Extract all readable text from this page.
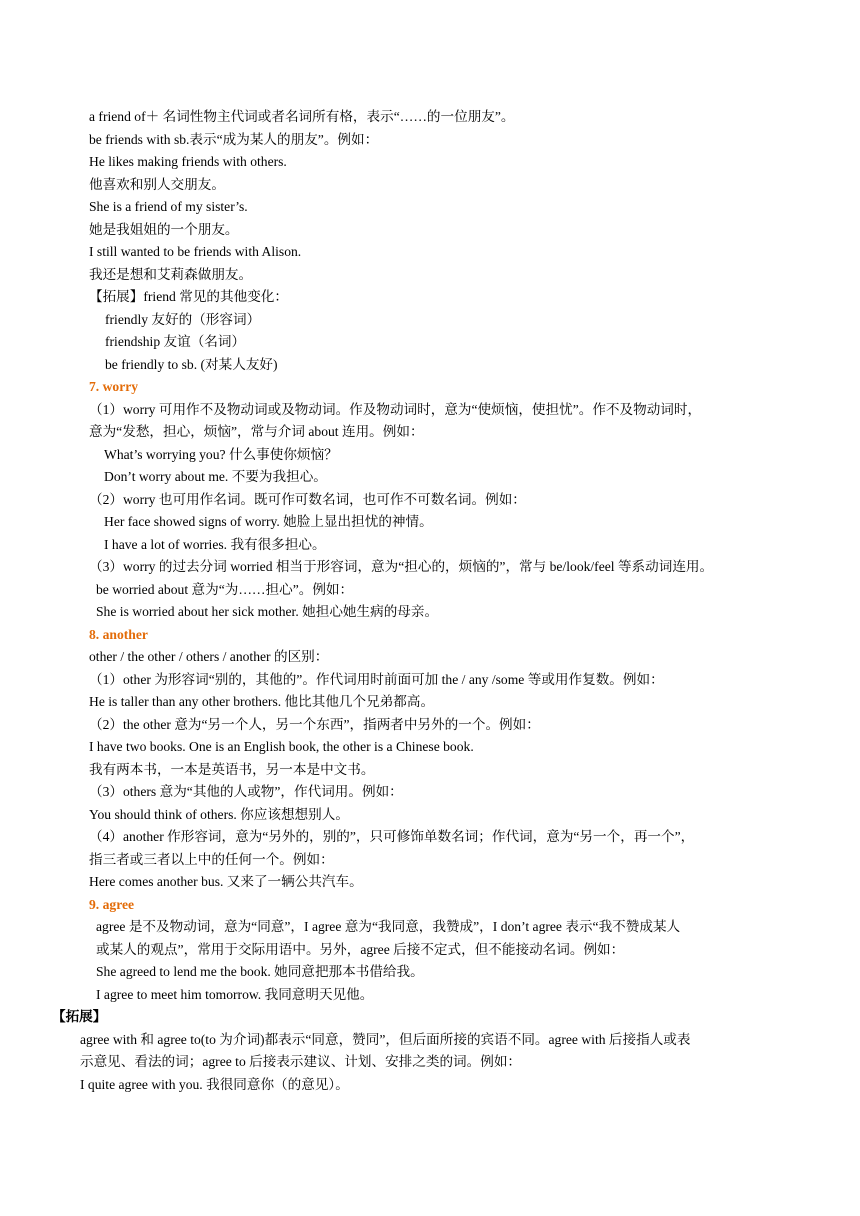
a friend of＋ 名词性物主代词或者名词所有格，表示“……的一位朋友”。
be friends with sb.表示“成为某人的朋友”。例如：
He likes making friends with others.
他喜欢和别人交朋友。
She is a friend of my sister’s.
她是我姐姐的一个朋友。
I still wanted to be friends with Alison.
我还是想和艾莉森做朋友。
【拓展】friend 常见的其他变化：
friendly 友好的（形容词）
friendship 友谊（名词）
be friendly to sb. (对某人友好)
7. worry
（1）worry 可用作不及物动词或及物动词。作及物动词时，意为“使烦恼，使担忧”。作不及物动词时，
意为“发愁，担心，烦恼”，常与介词 about 连用。例如：
What’s worrying you? 什么事使你烦恼？
Don’t worry about me. 不要为我担心。
（2）worry 也可用作名词。既可作可数名词，也可作不可数名词。例如：
Her face showed signs of worry. 她脸上显出担忧的神情。
I have a lot of worries. 我有很多担心。
（3）worry 的过去分词 worried 相当于形容词，意为“担心的，烦恼的”，常与 be/look/feel 等系动词连用。
be worried about 意为“为……担心”。例如：
She is worried about her sick mother. 她担心她生病的母亲。
8. another
other / the other / others / another 的区别：
（1）other 为形容词“别的，其他的”。作代词用时前面可加 the / any /some 等或用作复数。例如：
He is taller than any other brothers. 他比其他几个兄弟都高。
（2）the other 意为“另一个人，另一个东西”，指两者中另外的一个。例如：
I have two books. One is an English book, the other is a Chinese book.
我有两本书，一本是英语书，另一本是中文书。
（3）others 意为“其他的人或物”，作代词用。例如：
You should think of others. 你应该想想别人。
（4）another 作形容词，意为“另外的，别的”，只可修饰单数名词；作代词，意为“另一个，再一个”，
指三者或三者以上中的任何一个。例如：
Here comes another bus. 又来了一辆公共汽车。
9. agree
agree 是不及物动词，意为“同意”，I agree 意为“我同意，我赞成”，I don’t agree 表示“我不赞成某人
或某人的观点”，常用于交际用语中。另外，agree 后接不定式，但不能接动名词。例如：
She agreed to lend me the book. 她同意把那本书借给我。
I agree to meet him tomorrow. 我同意明天见他。
【拓展】
agree with 和 agree to(to 为介词)都表示“同意，赞同”，但后面所接的宾语不同。agree with 后接指人或表
示意见、看法的词；agree to 后接表示建议、计划、安排之类的词。例如：
I quite agree with you. 我很同意你（的意见）。
